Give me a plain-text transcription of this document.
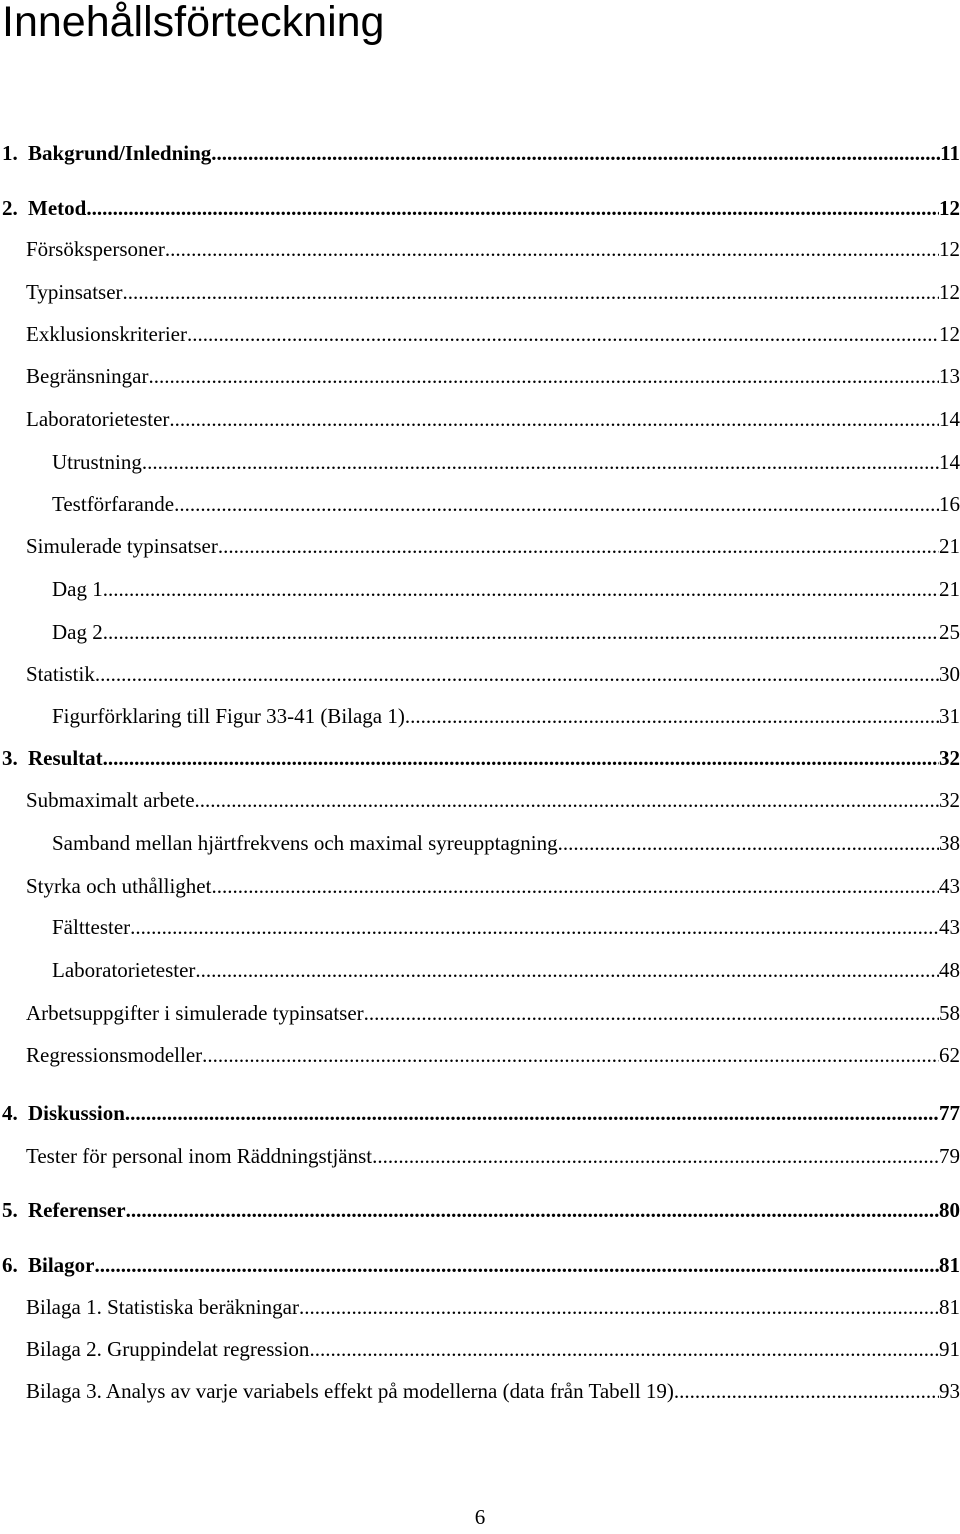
Innehållsförteckning
1. Bakgrund/Inledning .....	11
2. Metod .....	12
Försökspersoner .....	12
Typinsatser .....	12
Exklusionskriterier .....	12
Begränsningar .....	13
Laboratorietester .....	14
Utrustning .....	14
Testförfarande .....	16
Simulerade typinsatser .....	21
Dag 1 .....	21
Dag 2 .....	25
Statistik .....	30
Figurförklaring till Figur 33-41 (Bilaga 1) .....	31
3. Resultat .....	32
Submaximalt arbete .....	32
Samband mellan hjärtfrekvens och maximal syreupptagning .....	38
Styrka och uthållighet .....	43
Fälttester .....	43
Laboratorietester .....	48
Arbetsuppgifter i simulerade typinsatser .....	58
Regressionsmodeller .....	62
4. Diskussion .....	77
Tester för personal inom Räddningstjänst .....	79
5. Referenser .....	80
6. Bilagor .....	81
Bilaga 1. Statistiska beräkningar .....	81
Bilaga 2. Gruppindelat regression .....	91
Bilaga 3. Analys av varje variabels effekt på modellerna (data från Tabell 19) .....	93

6
